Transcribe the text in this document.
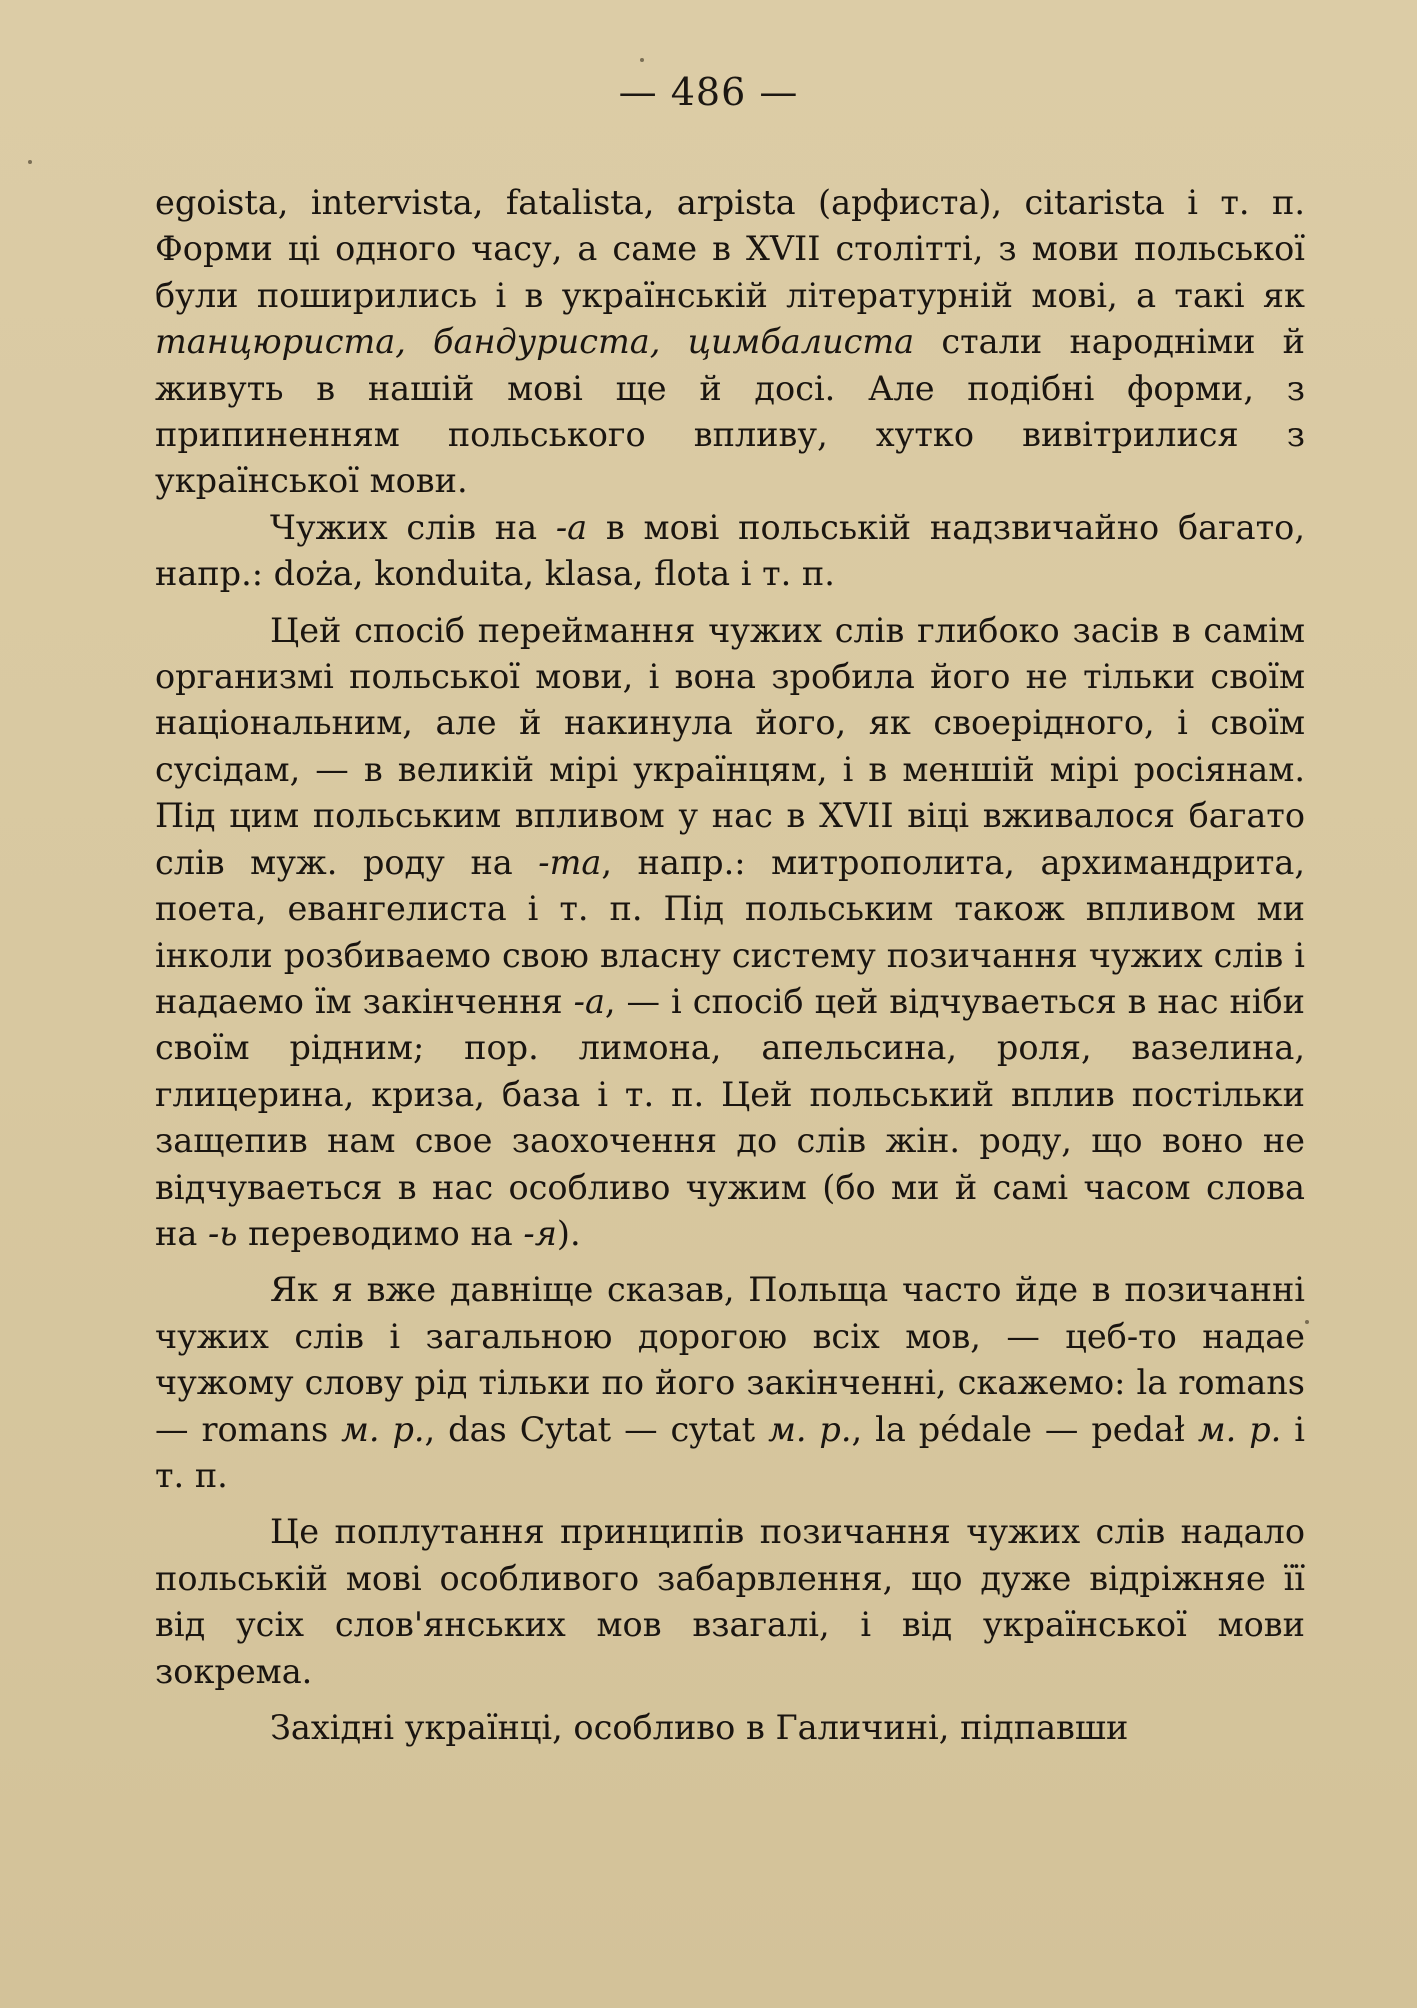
— 486 —

egoista, intervista, fatalista, arpista (арфиста), citarista і т. п. Форми ці одного часу, а саме в XVII столітті, з мови польської були поширились і в українській літературній мові, а такі як танцюриста, бандуриста, цимбалиста стали народніми й живуть в нашій мові ще й досі. Але подібні форми, з припиненням польського впливу, хутко вивітрилися з української мови.

Чужих слів на -а в мові польській надзвичайно багато, напр.: doża, konduita, klasa, flota і т. п.

Цей спосіб переймання чужих слів глибоко засів в самім организмі польської мови, і вона зробила його не тільки своїм національним, але й накинула його, як своерідного, і своїм сусідам, — в великій мірі українцям, і в меншій мірі росіянам. Під цим польським впливом у нас в XVII віці вживалося багато слів муж. роду на -та, напр.: митрополита, архимандрита, поета, евангелиста і т. п. Під польським також впливом ми інколи розбиваемо свою власну систему позичання чужих слів і надаемо їм закінчення -а, — і спосіб цей відчуваеться в нас ніби своїм рідним; пор. лимона, апельсина, роля, вазелина, глицерина, криза, база і т. п. Цей польський вплив постільки защепив нам свое заохочення до слів жін. роду, що воно не відчуваеться в нас особливо чужим (бо ми й самі часом слова на -ь переводимо на -я).

Як я вже давніще сказав, Польща часто йде в позичанні чужих слів і загальною дорогою всіх мов, — цеб-то надае чужому слову рід тільки по його закінченні, скажемо: la romans — romans м. р., das Cytat — cytat м. р., la pédale — pedał м. р. і т. п.

Це поплутання принципів позичання чужих слів надало польській мові особливого забарвлення, що дуже відріжняе її від усіх слов'янських мов взагалі, і від української мови зокрема.

Західні українці, особливо в Галичині, підпавши
